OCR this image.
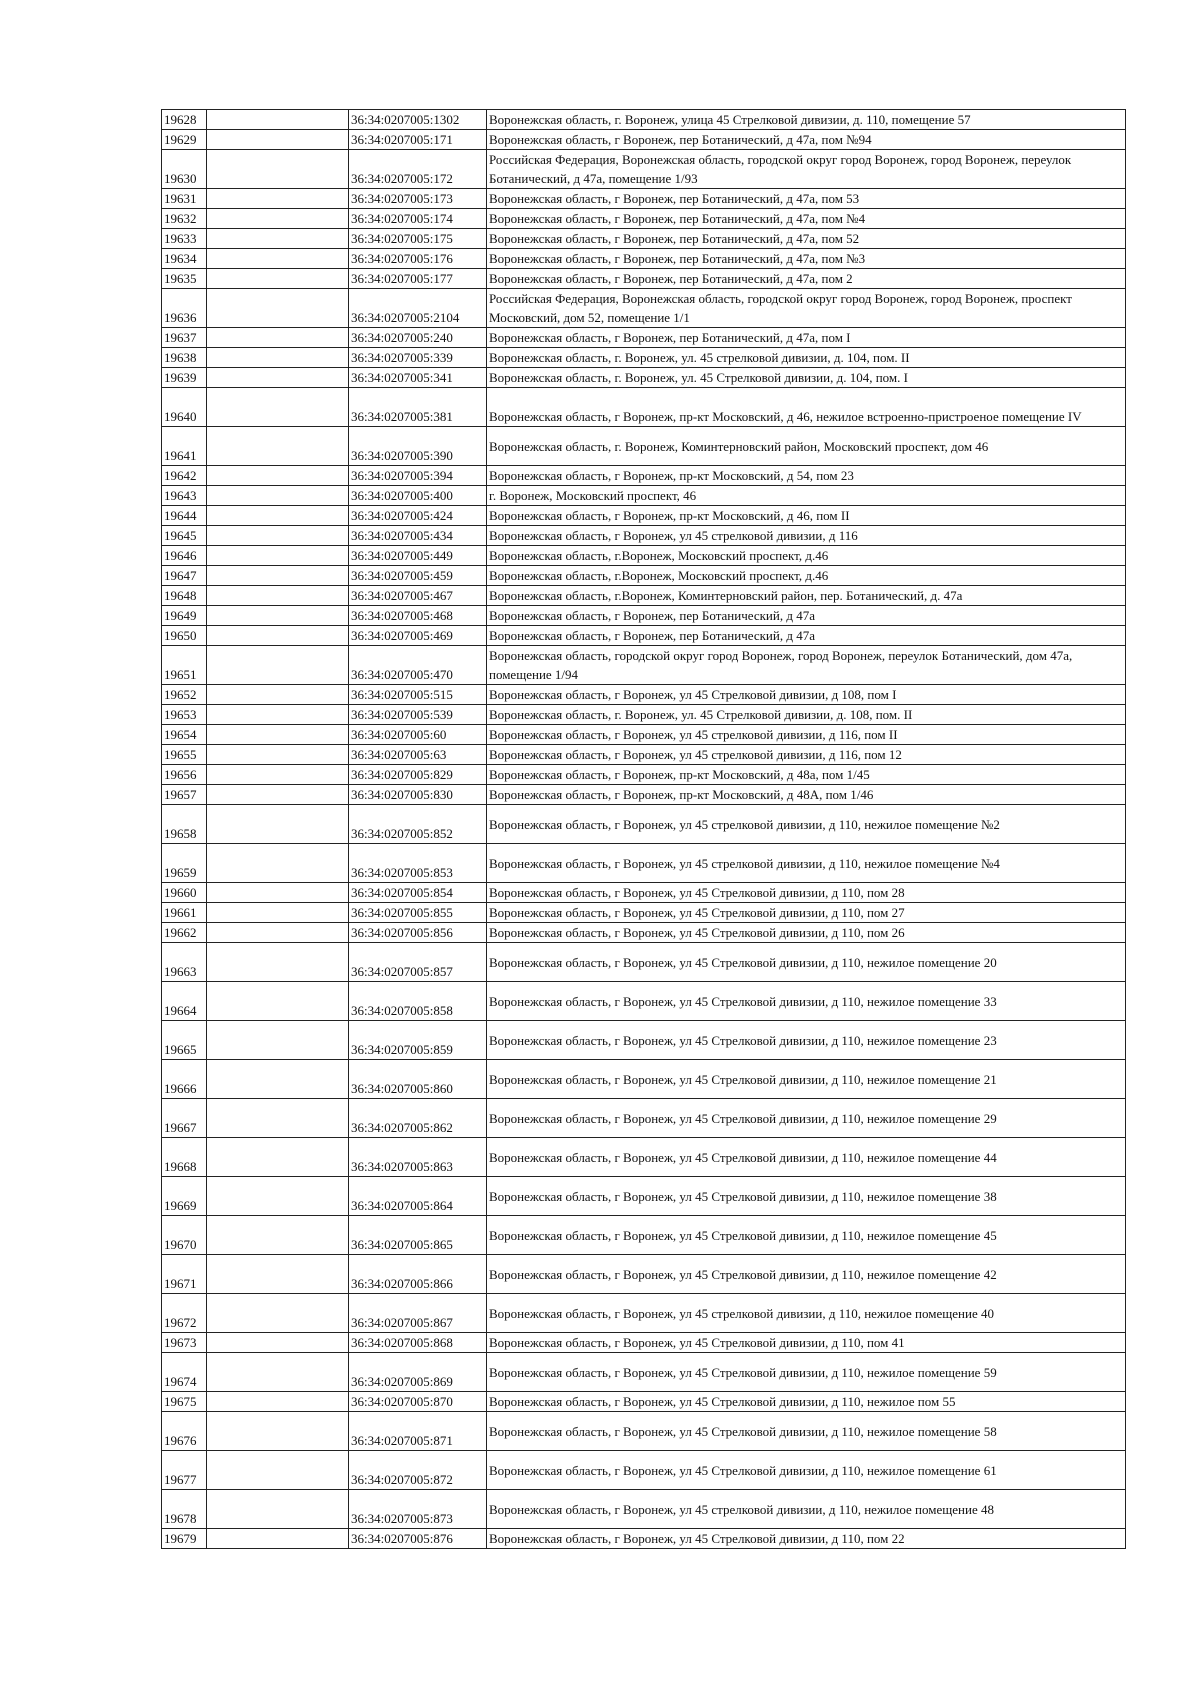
19628		36:34:0207005:1302	Воронежская область, г. Воронеж, улица 45 Стрелковой дивизии, д. 110, помещение 57
19629		36:34:0207005:171	Воронежская область, г Воронеж, пер Ботанический, д 47а, пом №94
19630		36:34:0207005:172	Российская Федерация, Воронежская область, городской округ город Воронеж, город Воронеж, переулок Ботанический, д 47а, помещение 1/93
19631		36:34:0207005:173	Воронежская область, г Воронеж, пер Ботанический, д 47а, пом 53
19632		36:34:0207005:174	Воронежская область, г Воронеж, пер Ботанический, д 47а, пом №4
19633		36:34:0207005:175	Воронежская область, г Воронеж, пер Ботанический, д 47а, пом 52
19634		36:34:0207005:176	Воронежская область, г Воронеж, пер Ботанический, д 47а, пом №3
19635		36:34:0207005:177	Воронежская область, г Воронеж, пер Ботанический, д 47а, пом 2
19636		36:34:0207005:2104	Российская Федерация, Воронежская область, городской округ город Воронеж, город Воронеж, проспект Московский, дом 52, помещение 1/1
19637		36:34:0207005:240	Воронежская область, г Воронеж, пер Ботанический, д 47а, пом I
19638		36:34:0207005:339	Воронежская область, г. Воронеж, ул. 45 стрелковой дивизии, д. 104, пом. II
19639		36:34:0207005:341	Воронежская область, г. Воронеж, ул. 45 Стрелковой дивизии, д. 104, пом. I
19640		36:34:0207005:381	Воронежская область, г Воронеж, пр-кт Московский, д 46, нежилое встроенно-пристроеное помещение IV
19641		36:34:0207005:390	Воронежская область, г. Воронеж, Коминтерновский район, Московский проспект, дом 46
19642		36:34:0207005:394	Воронежская область, г Воронеж, пр-кт Московский, д 54, пом 23
19643		36:34:0207005:400	г. Воронеж, Московский проспект, 46
19644		36:34:0207005:424	Воронежская область, г Воронеж, пр-кт Московский, д 46, пом II
19645		36:34:0207005:434	Воронежская область, г Воронеж, ул 45 стрелковой дивизии, д 116
19646		36:34:0207005:449	Воронежская область, г.Воронеж, Московский проспект, д.46
19647		36:34:0207005:459	Воронежская область, г.Воронеж, Московский проспект, д.46
19648		36:34:0207005:467	Воронежская область, г.Воронеж, Коминтерновский район, пер. Ботанический, д. 47а
19649		36:34:0207005:468	Воронежская область, г Воронеж, пер Ботанический, д 47а
19650		36:34:0207005:469	Воронежская область, г Воронеж, пер Ботанический, д 47а
19651		36:34:0207005:470	Воронежская область, городской округ город Воронеж, город Воронеж, переулок Ботанический, дом 47а, помещение 1/94
19652		36:34:0207005:515	Воронежская область, г Воронеж, ул 45 Стрелковой дивизии, д 108, пом I
19653		36:34:0207005:539	Воронежская область, г. Воронеж, ул. 45 Стрелковой дивизии, д. 108, пом. II
19654		36:34:0207005:60	Воронежская область, г Воронеж, ул 45 стрелковой дивизии, д 116, пом II
19655		36:34:0207005:63	Воронежская область, г Воронеж, ул 45 стрелковой дивизии, д 116, пом 12
19656		36:34:0207005:829	Воронежская область, г Воронеж, пр-кт Московский, д 48а, пом 1/45
19657		36:34:0207005:830	Воронежская область, г Воронеж, пр-кт Московский, д 48А, пом 1/46
19658		36:34:0207005:852	Воронежская область, г Воронеж, ул 45 стрелковой дивизии, д 110, нежилое помещение №2
19659		36:34:0207005:853	Воронежская область, г Воронеж, ул 45 стрелковой дивизии, д 110, нежилое помещение №4
19660		36:34:0207005:854	Воронежская область, г Воронеж, ул 45 Стрелковой дивизии, д 110, пом 28
19661		36:34:0207005:855	Воронежская область, г Воронеж, ул 45 Стрелковой дивизии, д 110, пом 27
19662		36:34:0207005:856	Воронежская область, г Воронеж, ул 45 Стрелковой дивизии, д 110, пом 26
19663		36:34:0207005:857	Воронежская область, г Воронеж, ул 45 Стрелковой дивизии, д 110, нежилое помещение 20
19664		36:34:0207005:858	Воронежская область, г Воронеж, ул 45 Стрелковой дивизии, д 110, нежилое помещение 33
19665		36:34:0207005:859	Воронежская область, г Воронеж, ул 45 Стрелковой дивизии, д 110, нежилое помещение 23
19666		36:34:0207005:860	Воронежская область, г Воронеж, ул 45 Стрелковой дивизии, д 110, нежилое помещение 21
19667		36:34:0207005:862	Воронежская область, г Воронеж, ул 45 Стрелковой дивизии, д 110, нежилое помещение 29
19668		36:34:0207005:863	Воронежская область, г Воронеж, ул 45 Стрелковой дивизии, д 110, нежилое помещение 44
19669		36:34:0207005:864	Воронежская область, г Воронеж, ул 45 Стрелковой дивизии, д 110, нежилое помещение 38
19670		36:34:0207005:865	Воронежская область, г Воронеж, ул 45 Стрелковой дивизии, д 110, нежилое помещение 45
19671		36:34:0207005:866	Воронежская область, г Воронеж, ул 45 Стрелковой дивизии, д 110, нежилое помещение 42
19672		36:34:0207005:867	Воронежская область, г Воронеж, ул 45 стрелковой дивизии, д 110, нежилое помещение 40
19673		36:34:0207005:868	Воронежская область, г Воронеж, ул 45 Стрелковой дивизии, д 110, пом 41
19674		36:34:0207005:869	Воронежская область, г Воронеж, ул 45 Стрелковой дивизии, д 110, нежилое помещение 59
19675		36:34:0207005:870	Воронежская область, г Воронеж, ул 45 Стрелковой дивизии, д 110, нежилое пом 55
19676		36:34:0207005:871	Воронежская область, г Воронеж, ул 45 Стрелковой дивизии, д 110, нежилое помещение 58
19677		36:34:0207005:872	Воронежская область, г Воронеж, ул 45 Стрелковой дивизии, д 110, нежилое помещение 61
19678		36:34:0207005:873	Воронежская область, г Воронеж, ул 45 стрелковой дивизии, д 110, нежилое помещение 48
19679		36:34:0207005:876	Воронежская область, г Воронеж, ул 45 Стрелковой дивизии, д 110, пом 22
